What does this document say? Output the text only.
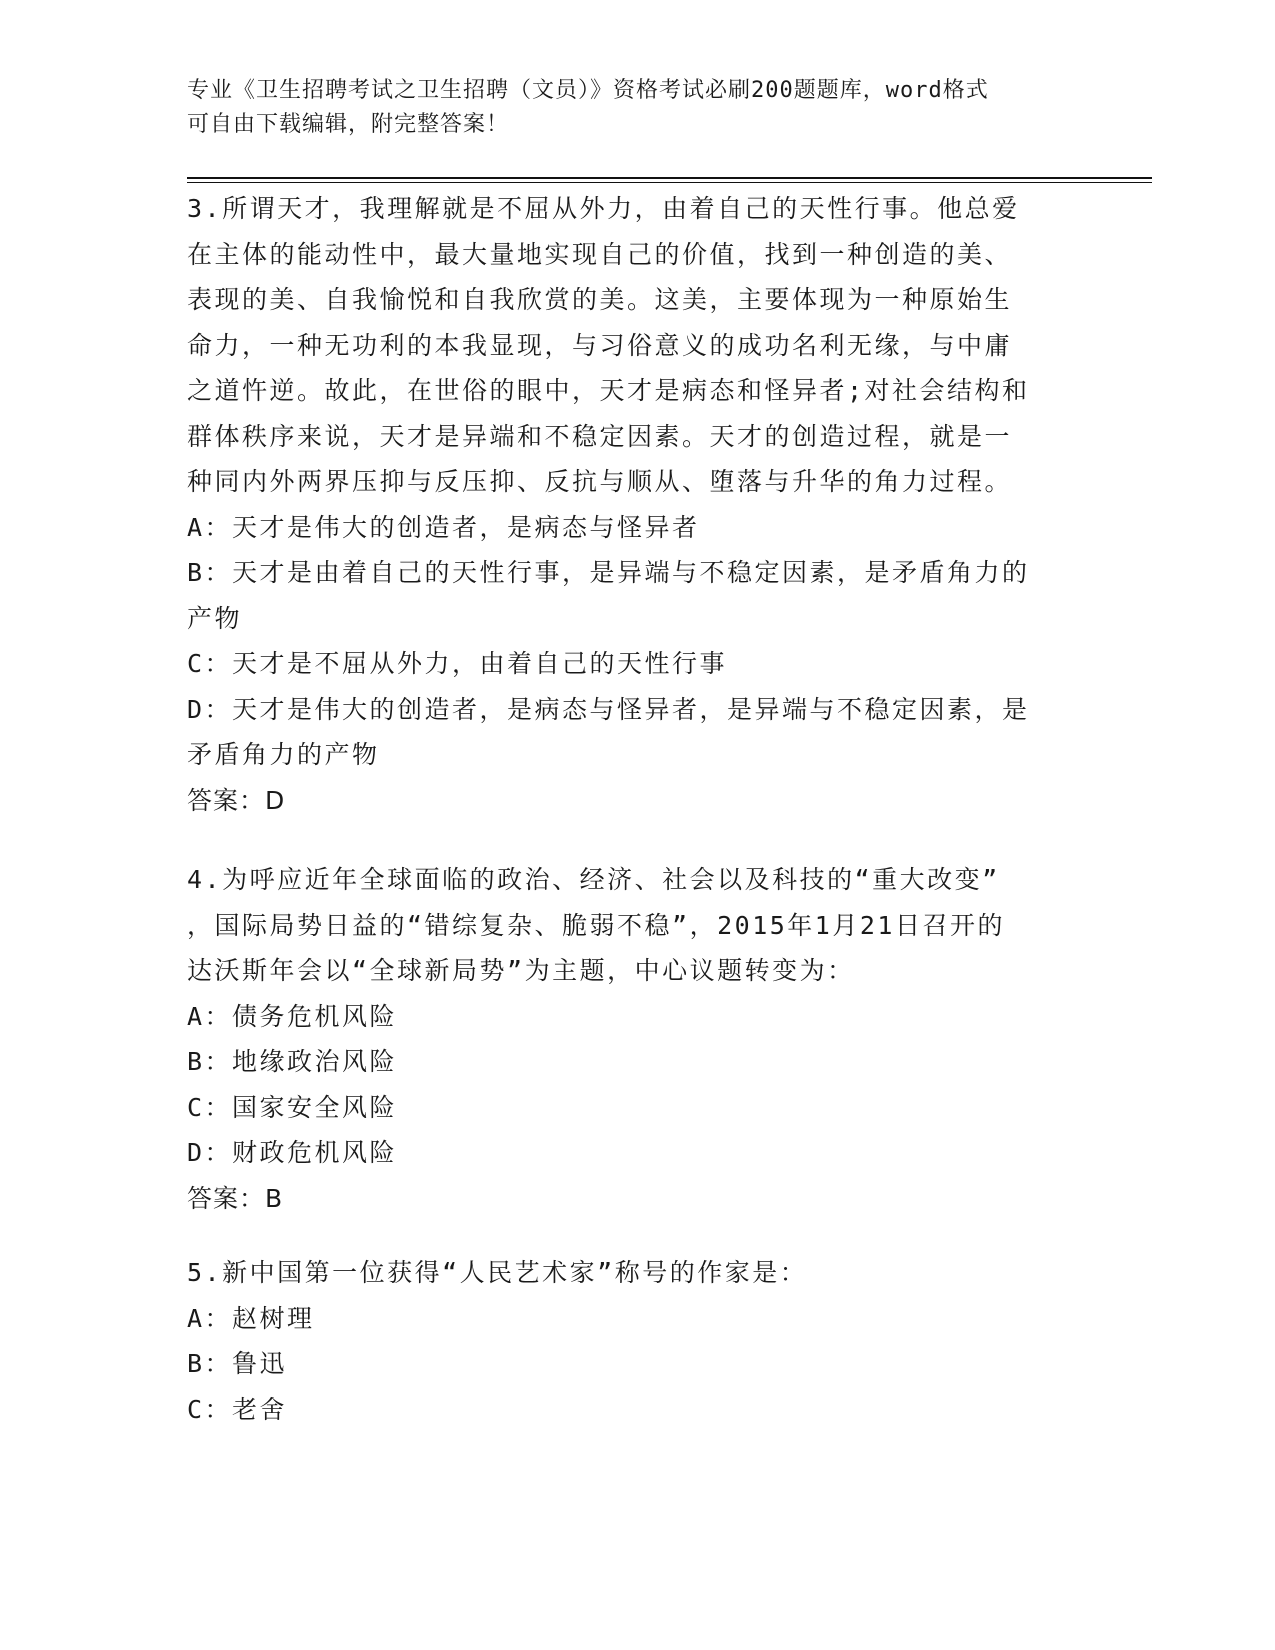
专业《卫生招聘考试之卫生招聘（文员）》资格考试必刷200题题库，word格式
可自由下载编辑，附完整答案！

3.所谓天才，我理解就是不屈从外力，由着自己的天性行事。他总爱

在主体的能动性中，最大量地实现自己的价值，找到一种创造的美、

表现的美、自我愉悦和自我欣赏的美。这美，主要体现为一种原始生

命力，一种无功利的本我显现，与习俗意义的成功名利无缘，与中庸

之道忤逆。故此，在世俗的眼中，天才是病态和怪异者;对社会结构和

群体秩序来说，天才是异端和不稳定因素。天才的创造过程，就是一

种同内外两界压抑与反压抑、反抗与顺从、堕落与升华的角力过程。

A：天才是伟大的创造者，是病态与怪异者

B：天才是由着自己的天性行事，是异端与不稳定因素，是矛盾角力的

产物

C：天才是不屈从外力，由着自己的天性行事

D：天才是伟大的创造者，是病态与怪异者，是异端与不稳定因素，是

矛盾角力的产物

答案：D

4.为呼应近年全球面临的政治、经济、社会以及科技的“重大改变”

，国际局势日益的“错综复杂、脆弱不稳”，2015年1月21日召开的

达沃斯年会以“全球新局势”为主题，中心议题转变为：

A：债务危机风险

B：地缘政治风险

C：国家安全风险

D：财政危机风险

答案：B

5.新中国第一位获得“人民艺术家”称号的作家是：

A：赵树理

B：鲁迅

C：老舍
